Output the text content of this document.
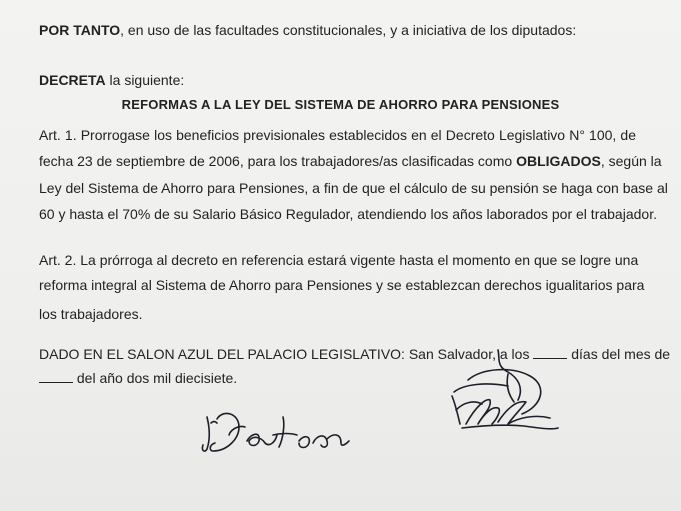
POR TANTO, en uso de las facultades constitucionales, y a iniciativa de los diputados:
DECRETA la siguiente:
REFORMAS A LA LEY DEL SISTEMA DE AHORRO PARA PENSIONES
Art. 1. Prorrogase los beneficios previsionales establecidos en el Decreto Legislativo N° 100, de
fecha 23 de septiembre de 2006, para los trabajadores/as clasificadas como OBLIGADOS, según la
Ley del Sistema de Ahorro para Pensiones, a fin de que el cálculo de su pensión se haga con base al
60 y hasta el 70% de su Salario Básico Regulador, atendiendo los años laborados por el trabajador.
Art. 2. La prórroga al decreto en referencia estará vigente hasta el momento en que se logre una
reforma integral al Sistema de Ahorro para Pensiones y se establezcan derechos igualitarios para
los trabajadores.
DADO EN EL SALON AZUL DEL PALACIO LEGISLATIVO: San Salvador, a los  días del mes de
del año dos mil diecisiete.
